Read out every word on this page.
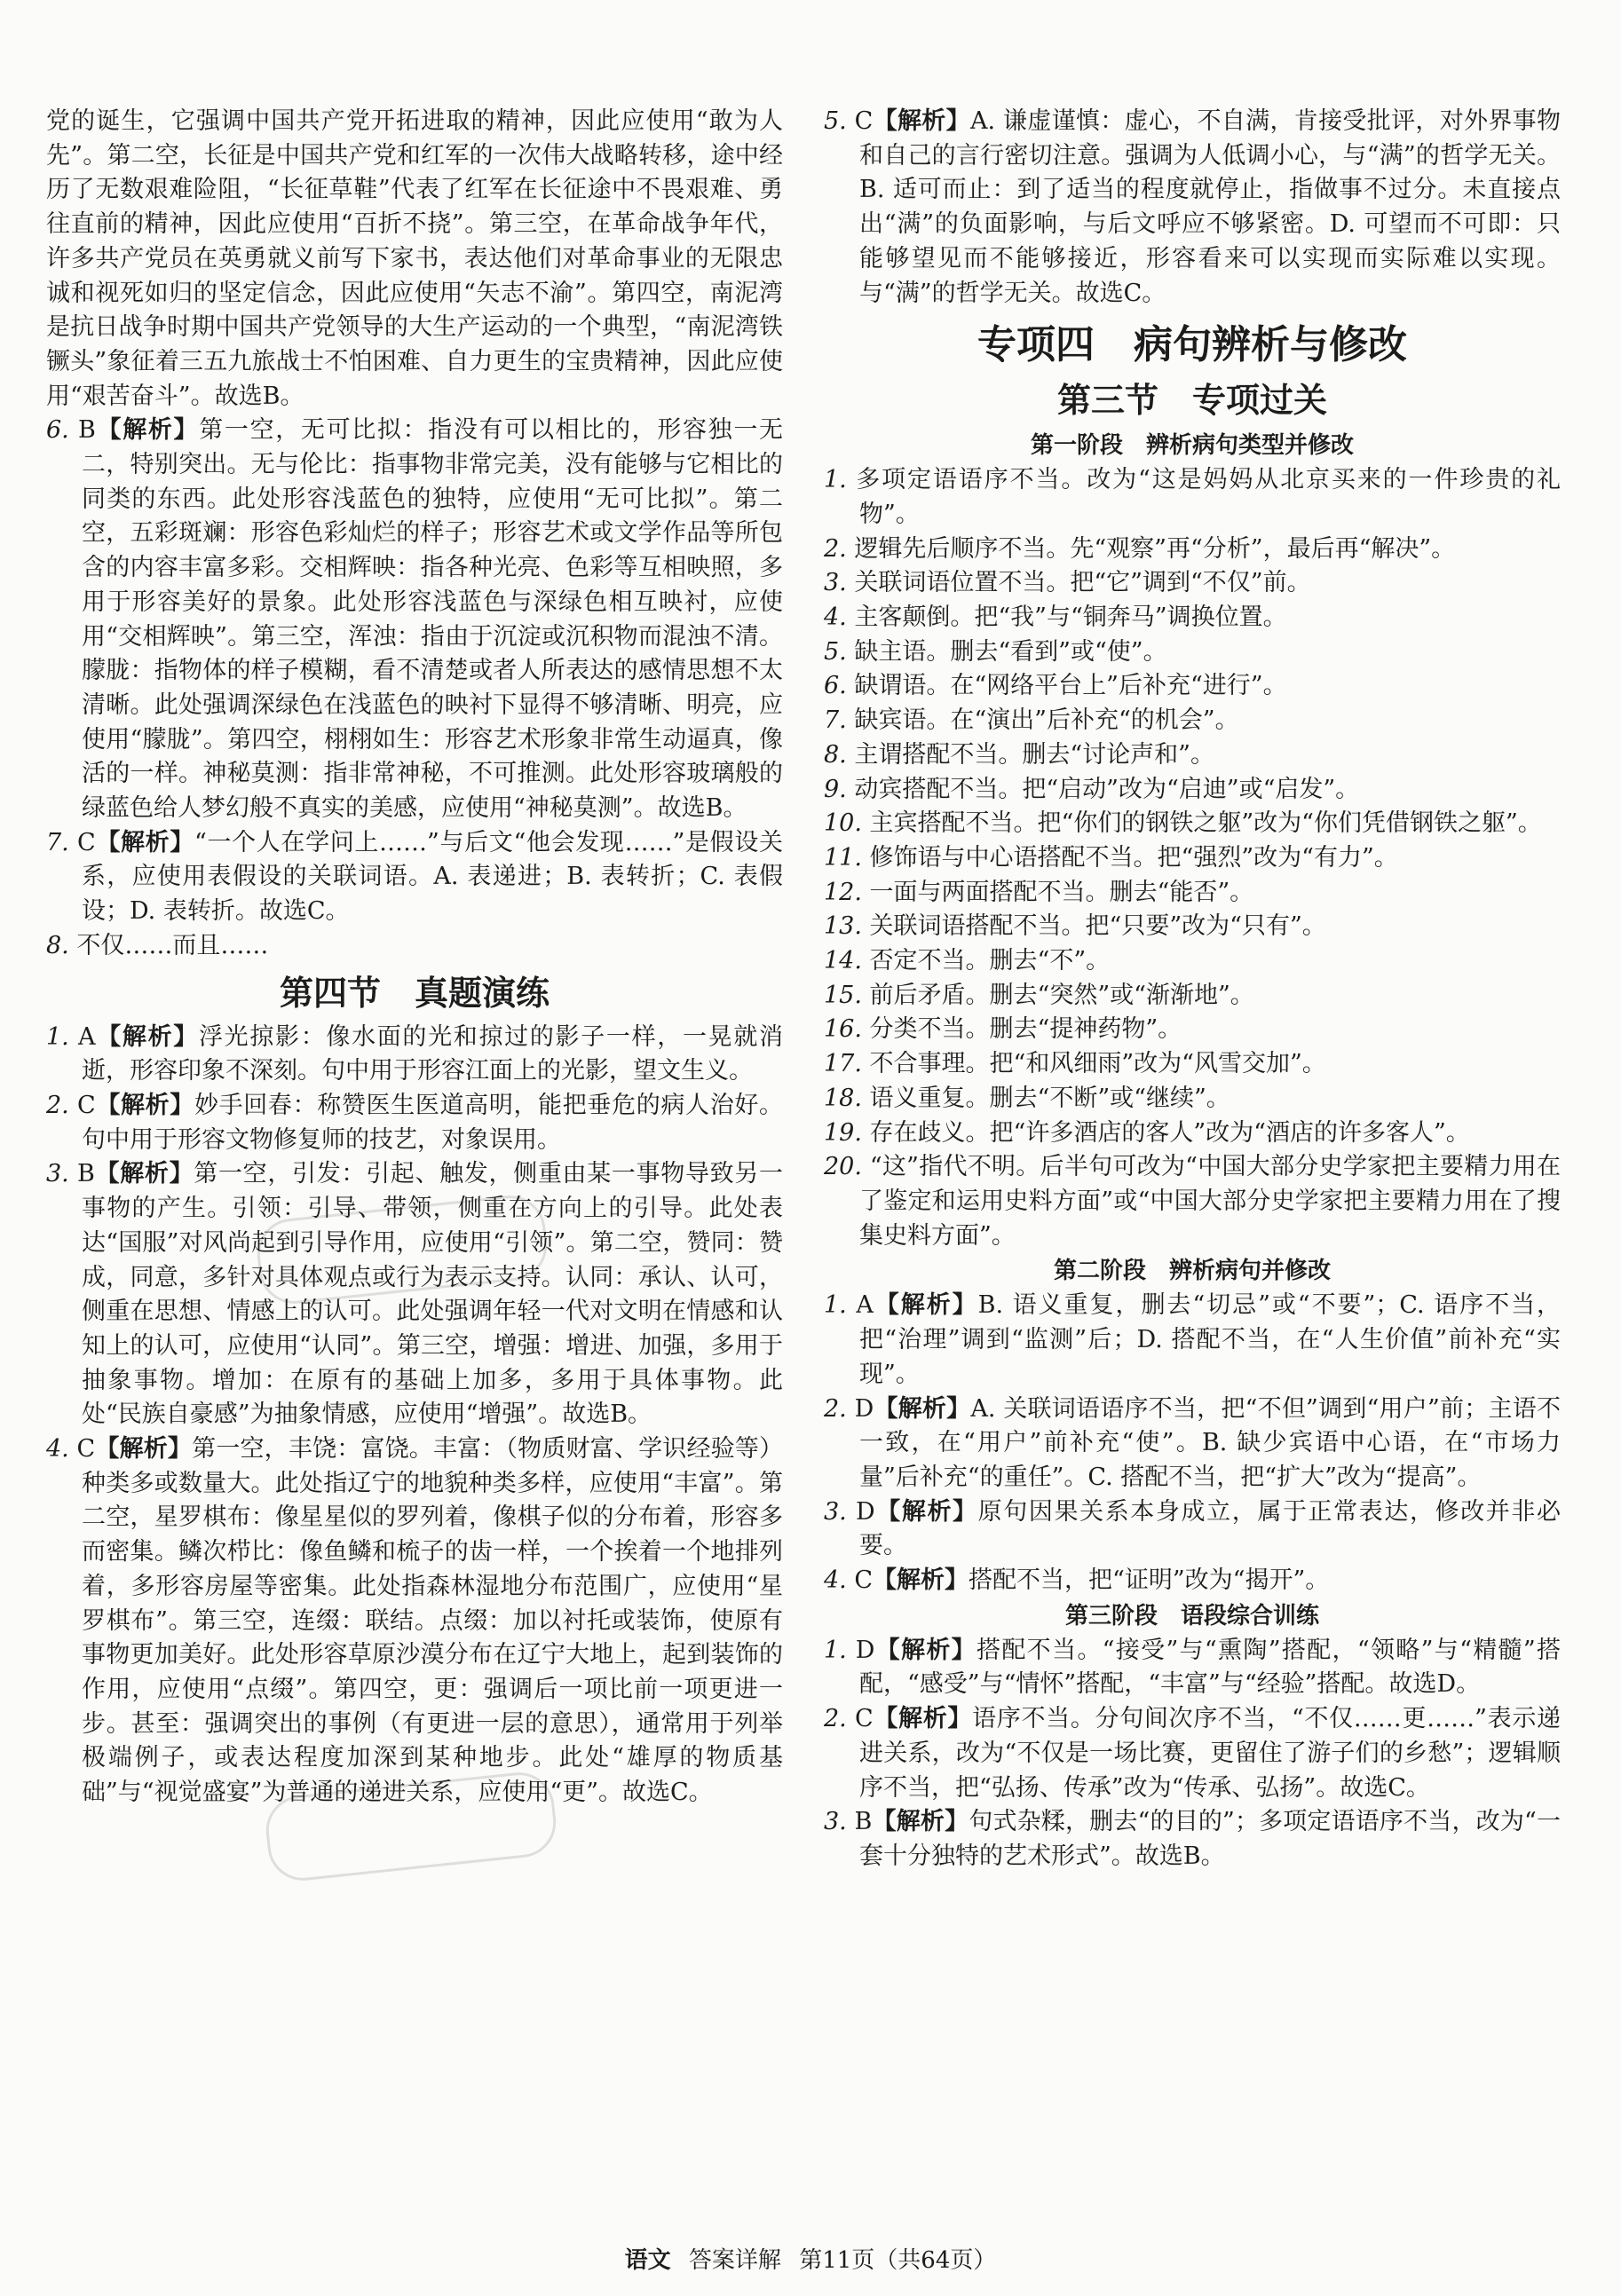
党的诞生，它强调中国共产党开拓进取的精神，因此应使用“敢为人先”。第二空，长征是中国共产党和红军的一次伟大战略转移，途中经历了无数艰难险阻，“长征草鞋”代表了红军在长征途中不畏艰难、勇往直前的精神，因此应使用“百折不挠”。第三空，在革命战争年代，许多共产党员在英勇就义前写下家书，表达他们对革命事业的无限忠诚和视死如归的坚定信念，因此应使用“矢志不渝”。第四空，南泥湾是抗日战争时期中国共产党领导的大生产运动的一个典型，“南泥湾铁镢头”象征着三五九旅战士不怕困难、自力更生的宝贵精神，因此应使用“艰苦奋斗”。故选B。

6. B【解析】第一空，无可比拟：指没有可以相比的，形容独一无二，特别突出。无与伦比：指事物非常完美，没有能够与它相比的同类的东西。此处形容浅蓝色的独特，应使用“无可比拟”。第二空，五彩斑斓：形容色彩灿烂的样子；形容艺术或文学作品等所包含的内容丰富多彩。交相辉映：指各种光亮、色彩等互相映照，多用于形容美好的景象。此处形容浅蓝色与深绿色相互映衬，应使用“交相辉映”。第三空，浑浊：指由于沉淀或沉积物而混浊不清。朦胧：指物体的样子模糊，看不清楚或者人所表达的感情思想不太清晰。此处强调深绿色在浅蓝色的映衬下显得不够清晰、明亮，应使用“朦胧”。第四空，栩栩如生：形容艺术形象非常生动逼真，像活的一样。神秘莫测：指非常神秘，不可推测。此处形容玻璃般的绿蓝色给人梦幻般不真实的美感，应使用“神秘莫测”。故选B。

7. C【解析】“一个人在学问上……”与后文“他会发现……”是假设关系，应使用表假设的关联词语。A. 表递进；B. 表转折；C. 表假设；D. 表转折。故选C。

8. 不仅……而且……

第四节　真题演练

1. A【解析】浮光掠影：像水面的光和掠过的影子一样，一晃就消逝，形容印象不深刻。句中用于形容江面上的光影，望文生义。

2. C【解析】妙手回春：称赞医生医道高明，能把垂危的病人治好。句中用于形容文物修复师的技艺，对象误用。

3. B【解析】第一空，引发：引起、触发，侧重由某一事物导致另一事物的产生。引领：引导、带领，侧重在方向上的引导。此处表达“国服”对风尚起到引导作用，应使用“引领”。第二空，赞同：赞成，同意，多针对具体观点或行为表示支持。认同：承认、认可，侧重在思想、情感上的认可。此处强调年轻一代对文明在情感和认知上的认可，应使用“认同”。第三空，增强：增进、加强，多用于抽象事物。增加：在原有的基础上加多，多用于具体事物。此处“民族自豪感”为抽象情感，应使用“增强”。故选B。

4. C【解析】第一空，丰饶：富饶。丰富：（物质财富、学识经验等）种类多或数量大。此处指辽宁的地貌种类多样，应使用“丰富”。第二空，星罗棋布：像星星似的罗列着，像棋子似的分布着，形容多而密集。鳞次栉比：像鱼鳞和梳子的齿一样，一个挨着一个地排列着，多形容房屋等密集。此处指森林湿地分布范围广，应使用“星罗棋布”。第三空，连缀：联结。点缀：加以衬托或装饰，使原有事物更加美好。此处形容草原沙漠分布在辽宁大地上，起到装饰的作用，应使用“点缀”。第四空，更：强调后一项比前一项更进一步。甚至：强调突出的事例（有更进一层的意思），通常用于列举极端例子，或表达程度加深到某种地步。此处“雄厚的物质基础”与“视觉盛宴”为普通的递进关系，应使用“更”。故选C。

5. C【解析】A. 谦虚谨慎：虚心，不自满，肯接受批评，对外界事物和自己的言行密切注意。强调为人低调小心，与“满”的哲学无关。B. 适可而止：到了适当的程度就停止，指做事不过分。未直接点出“满”的负面影响，与后文呼应不够紧密。D. 可望而不可即：只能够望见而不能够接近，形容看来可以实现而实际难以实现。与“满”的哲学无关。故选C。

专项四　病句辨析与修改
第三节　专项过关
第一阶段　辨析病句类型并修改

1. 多项定语语序不当。改为“这是妈妈从北京买来的一件珍贵的礼物”。

2. 逻辑先后顺序不当。先“观察”再“分析”，最后再“解决”。

3. 关联词语位置不当。把“它”调到“不仅”前。

4. 主客颠倒。把“我”与“铜奔马”调换位置。

5. 缺主语。删去“看到”或“使”。

6. 缺谓语。在“网络平台上”后补充“进行”。

7. 缺宾语。在“演出”后补充“的机会”。

8. 主谓搭配不当。删去“讨论声和”。

9. 动宾搭配不当。把“启动”改为“启迪”或“启发”。

10. 主宾搭配不当。把“你们的钢铁之躯”改为“你们凭借钢铁之躯”。

11. 修饰语与中心语搭配不当。把“强烈”改为“有力”。

12. 一面与两面搭配不当。删去“能否”。

13. 关联词语搭配不当。把“只要”改为“只有”。

14. 否定不当。删去“不”。

15. 前后矛盾。删去“突然”或“渐渐地”。

16. 分类不当。删去“提神药物”。

17. 不合事理。把“和风细雨”改为“风雪交加”。

18. 语义重复。删去“不断”或“继续”。

19. 存在歧义。把“许多酒店的客人”改为“酒店的许多客人”。

20. “这”指代不明。后半句可改为“中国大部分史学家把主要精力用在了鉴定和运用史料方面”或“中国大部分史学家把主要精力用在了搜集史料方面”。

第二阶段　辨析病句并修改

1. A【解析】B. 语义重复，删去“切忌”或“不要”；C. 语序不当，把“治理”调到“监测”后；D. 搭配不当，在“人生价值”前补充“实现”。

2. D【解析】A. 关联词语语序不当，把“不但”调到“用户”前；主语不一致，在“用户”前补充“使”。B. 缺少宾语中心语，在“市场力量”后补充“的重任”。C. 搭配不当，把“扩大”改为“提高”。

3. D【解析】原句因果关系本身成立，属于正常表达，修改并非必要。

4. C【解析】搭配不当，把“证明”改为“揭开”。

第三阶段　语段综合训练

1. D【解析】搭配不当。“接受”与“熏陶”搭配，“领略”与“精髓”搭配，“感受”与“情怀”搭配，“丰富”与“经验”搭配。故选D。

2. C【解析】语序不当。分句间次序不当，“不仅……更……”表示递进关系，改为“不仅是一场比赛，更留住了游子们的乡愁”；逻辑顺序不当，把“弘扬、传承”改为“传承、弘扬”。故选C。

3. B【解析】句式杂糅，删去“的目的”；多项定语语序不当，改为“一套十分独特的艺术形式”。故选B。

语文 答案详解 第11页（共64页）
